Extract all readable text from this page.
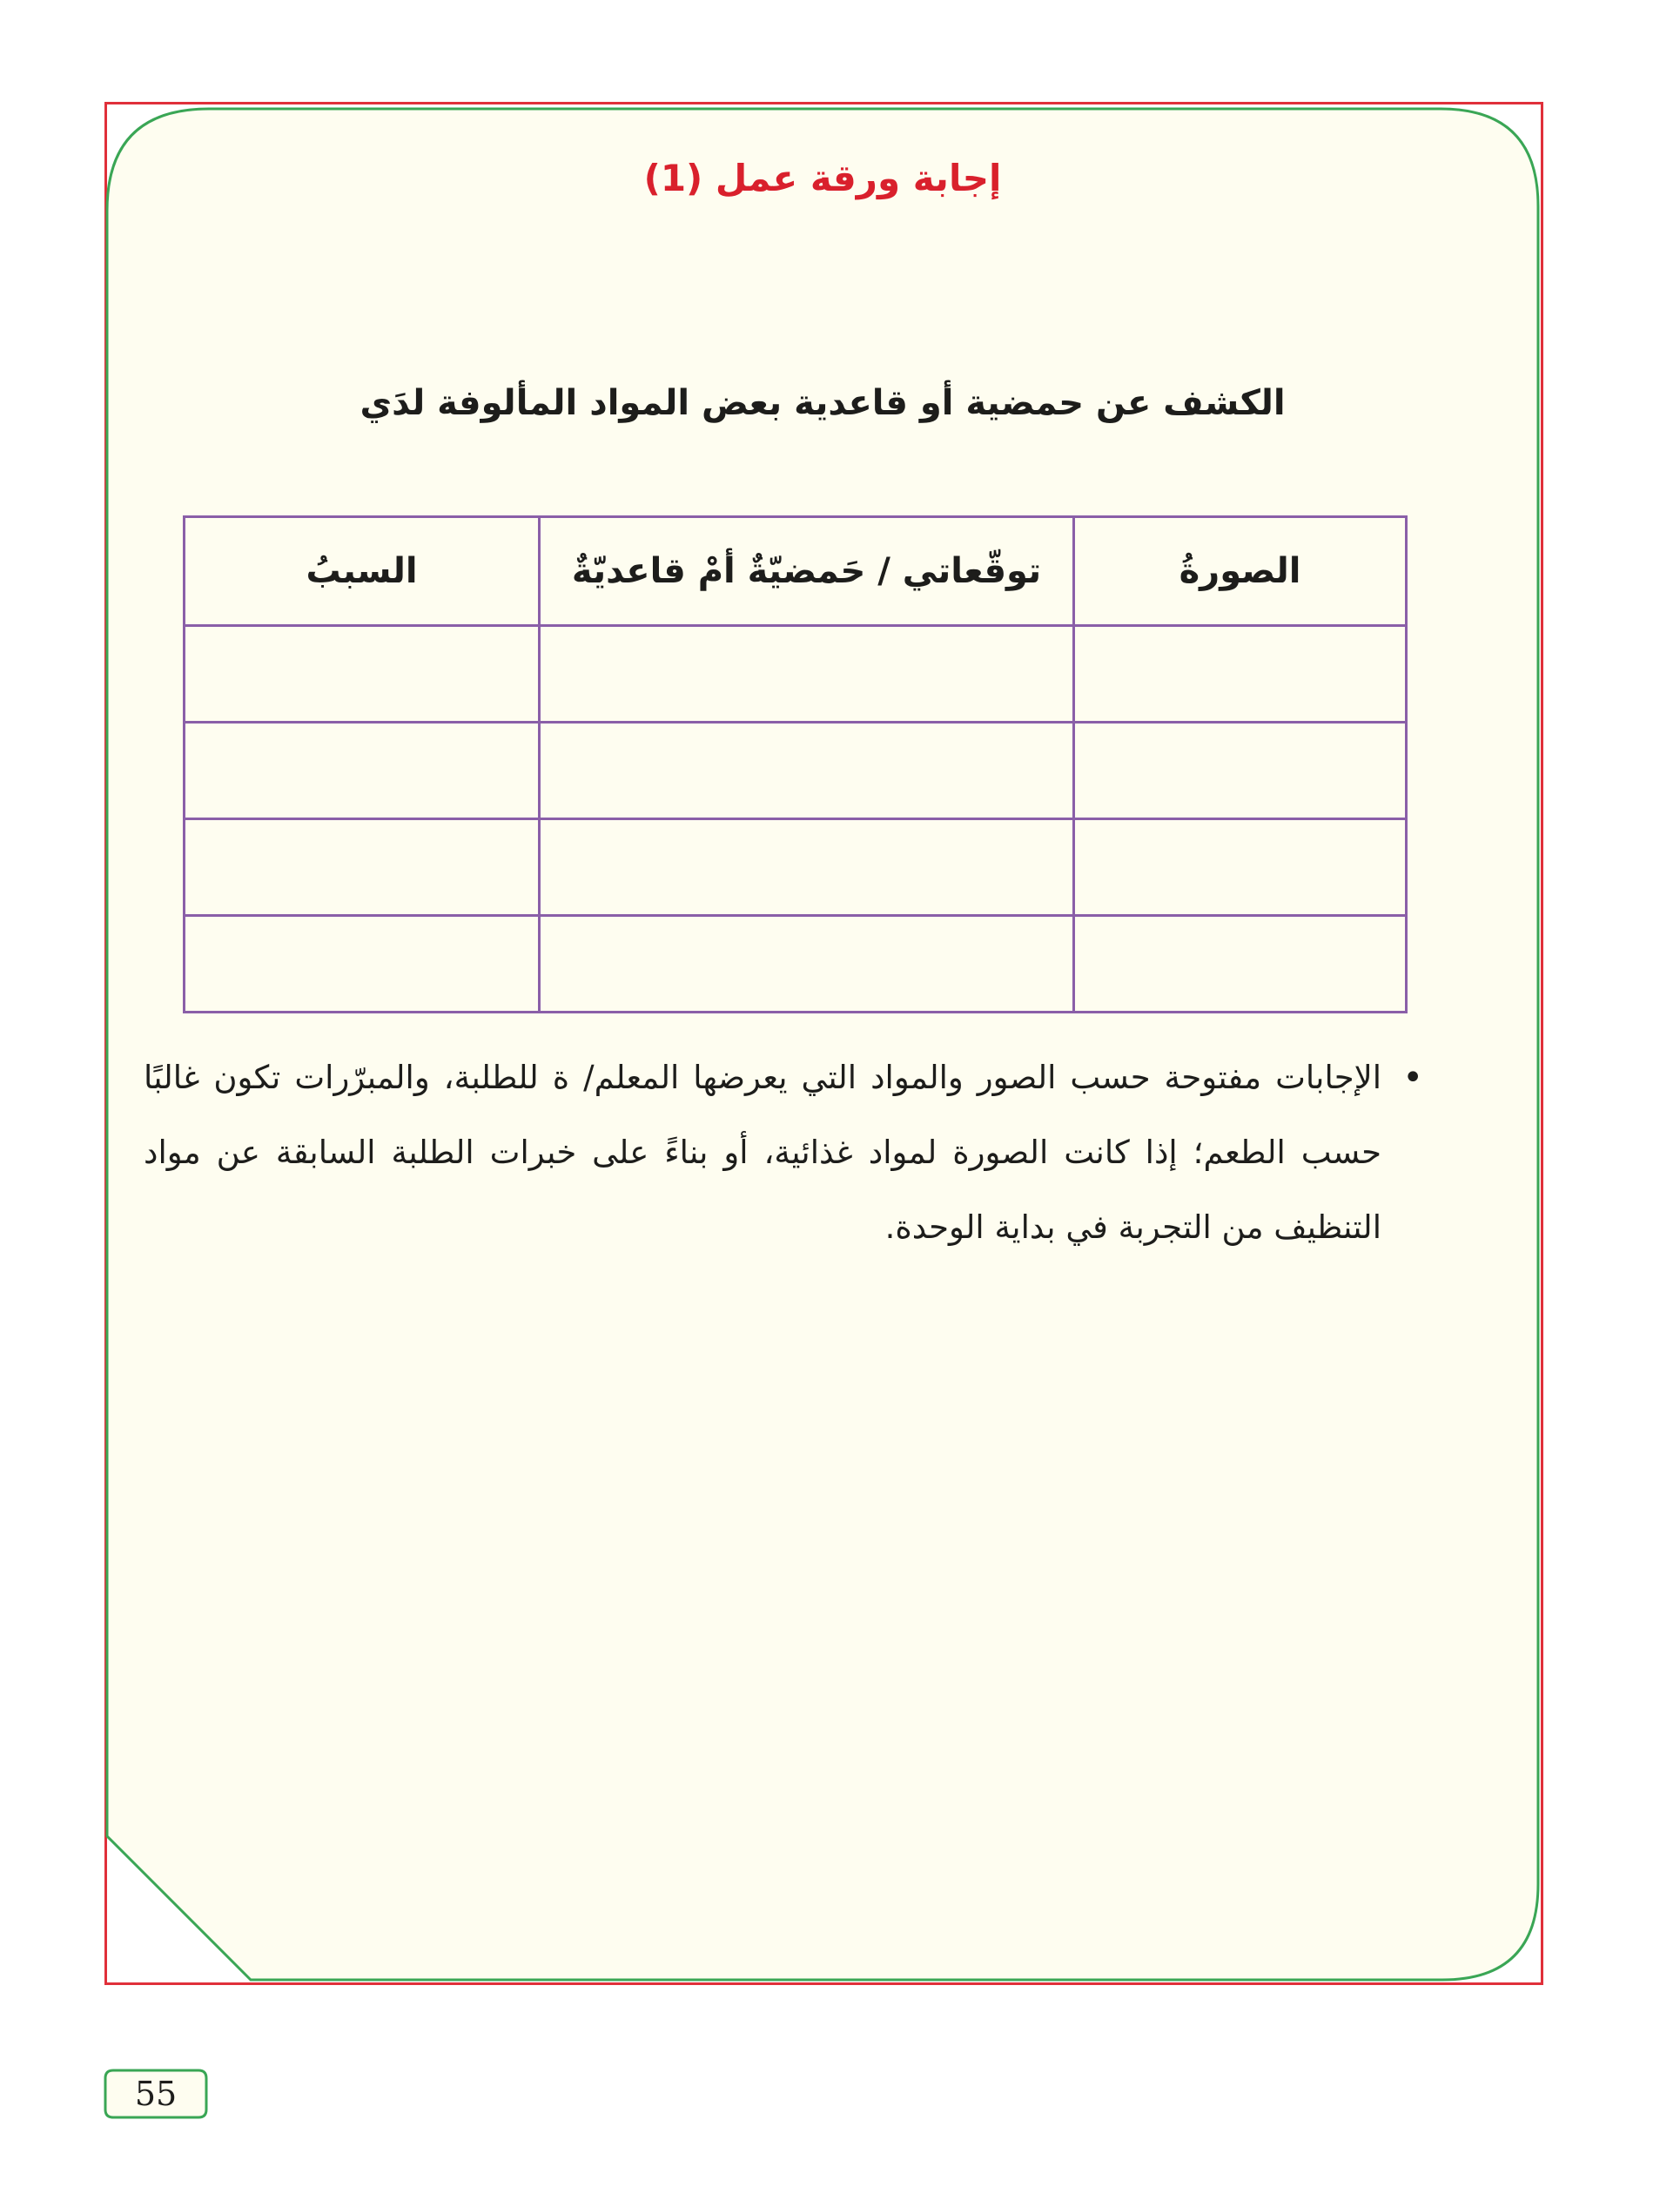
إجابة ورقة عمل (1)
الكشف عن حمضية أو قاعدية بعض المواد المألوفة لدَي
الصورةُ	توقّعاتي / حَمضيّةٌ أمْ قاعديّةٌ	السببُ

•
الإجابات مفتوحة حسب الصور والمواد التي يعرضها المعلم/ ة للطلبة، والمبرّرات تكون غالبًا حسب الطعم؛ إذا كانت الصورة لمواد غذائية، أو بناءً على خبرات الطلبة السابقة عن مواد التنظيف من التجربة في بداية الوحدة.
55
